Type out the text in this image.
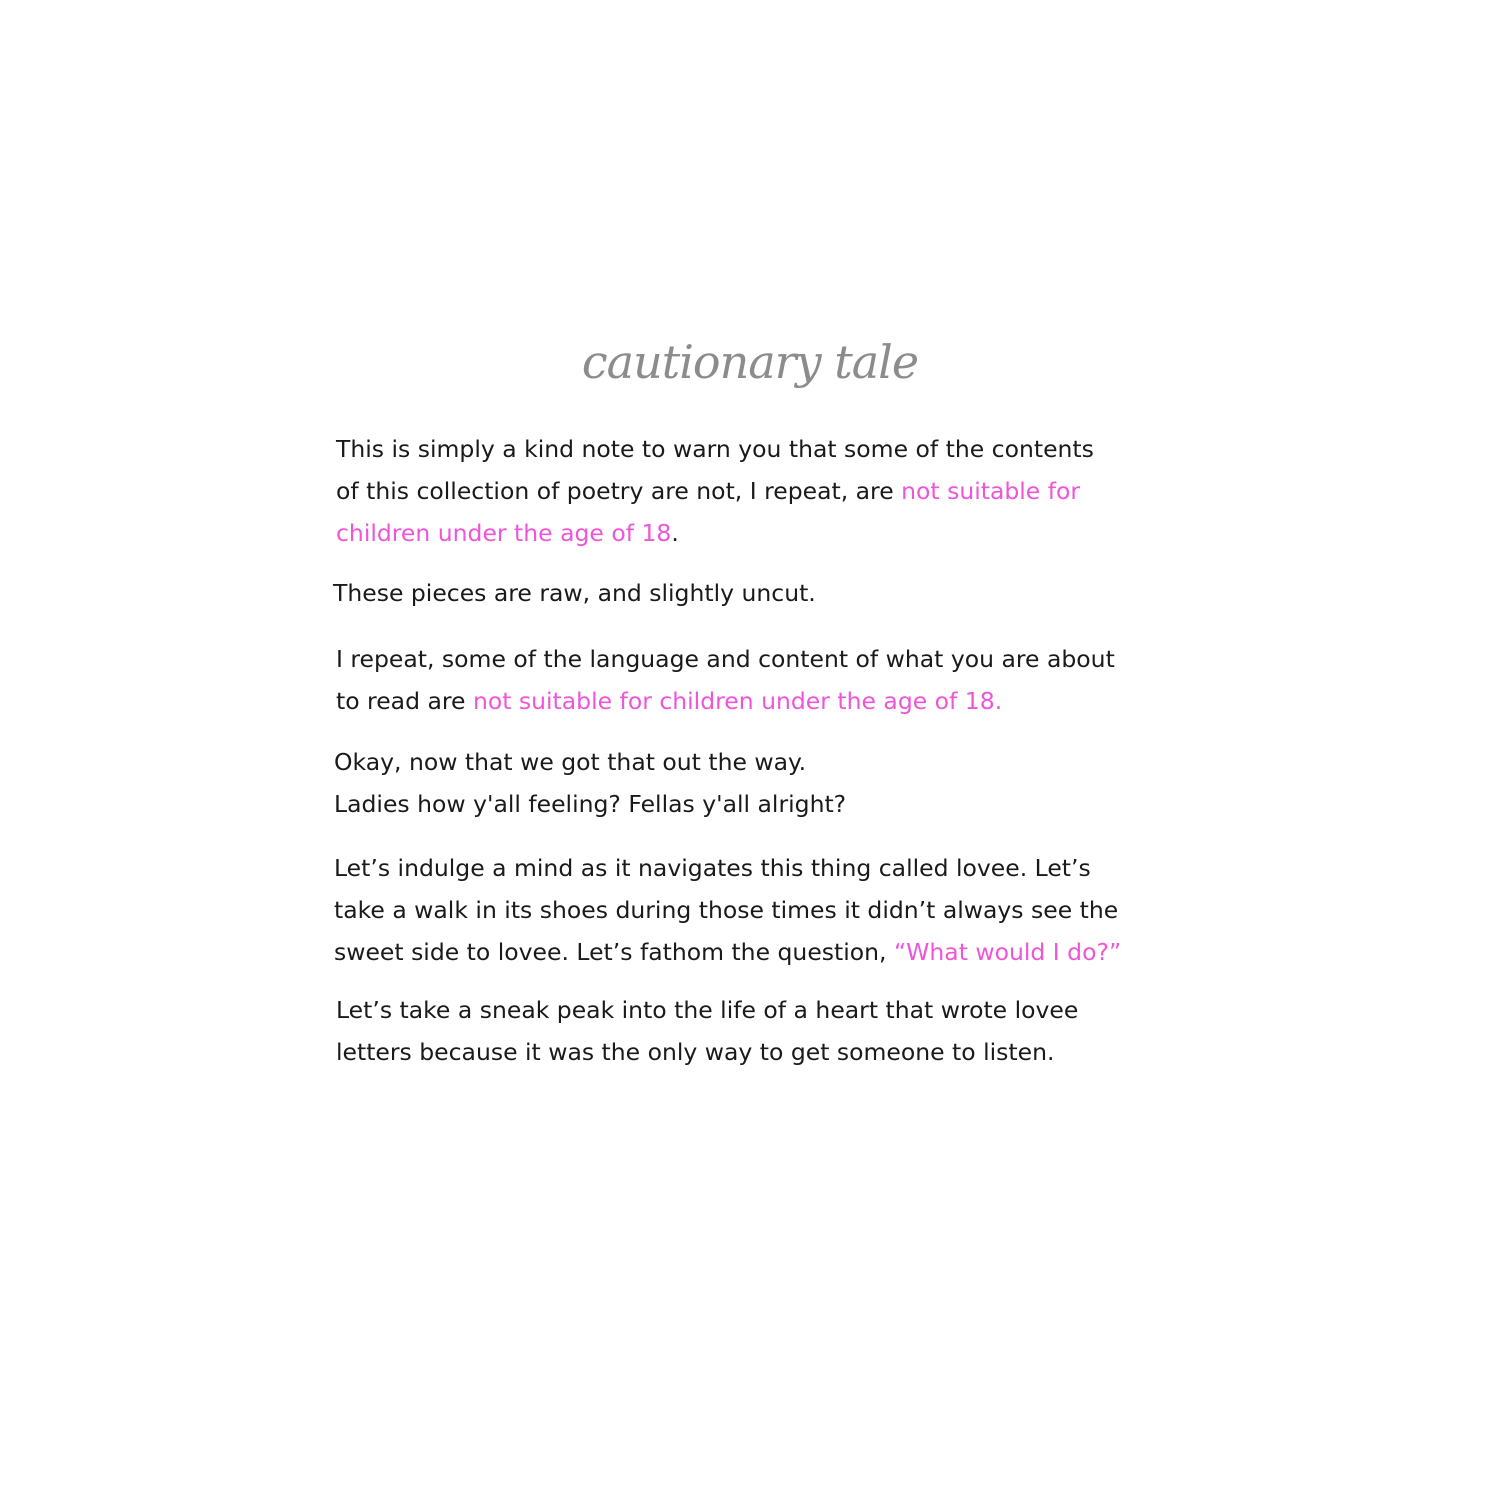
cautionary tale

This is simply a kind note to warn you that some of the contents
of this collection of poetry are not, I repeat, are not suitable for
children under the age of 18.

These pieces are raw, and slightly uncut.

I repeat, some of the language and content of what you are about
to read are not suitable for children under the age of 18.

Okay, now that we got that out the way.
Ladies how y'all feeling? Fellas y'all alright?

Let’s indulge a mind as it navigates this thing called lovee. Let’s
take a walk in its shoes during those times it didn’t always see the
sweet side to lovee. Let’s fathom the question, “What would I do?”

Let’s take a sneak peak into the life of a heart that wrote lovee
letters because it was the only way to get someone to listen.
